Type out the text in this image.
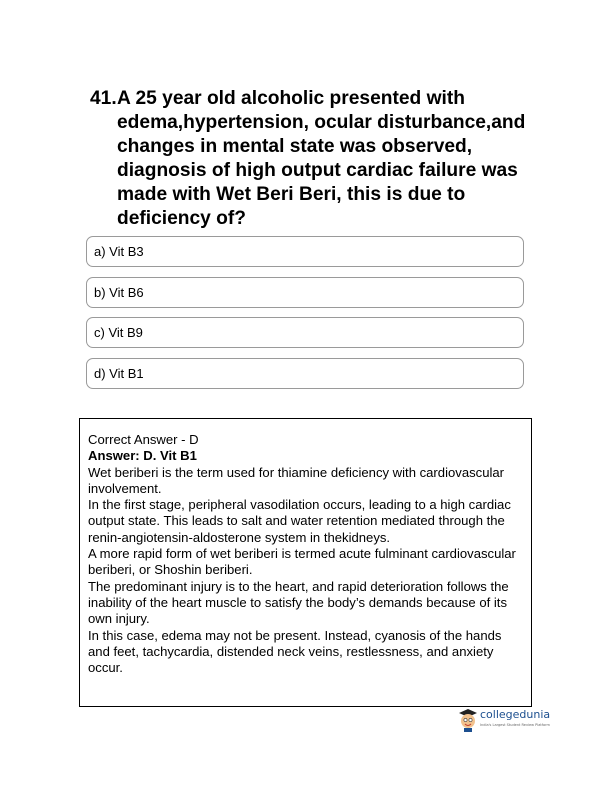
41. A 25 year old alcoholic presented with edema,hypertension, ocular disturbance,and changes in mental state was observed, diagnosis of high output cardiac failure was made with Wet Beri Beri, this is due to deficiency of?
a) Vit B3
b) Vit B6
c) Vit B9
d) Vit B1

Correct Answer - D

Answer: D. Vit B1

Wet beriberi is the term used for thiamine deficiency with cardiovascular involvement.

In the first stage, peripheral vasodilation occurs, leading to a high cardiac output state. This leads to salt and water retention mediated through the renin-angiotensin-aldosterone system in thekidneys.

A more rapid form of wet beriberi is termed acute fulminant cardiovascular beriberi, or Shoshin beriberi.

The predominant injury is to the heart, and rapid deterioration follows the inability of the heart muscle to satisfy the body’s demands because of its own injury.

In this case, edema may not be present. Instead, cyanosis of the hands and feet, tachycardia, distended neck veins, restlessness, and anxiety occur.

collegedunia
India's Largest Student Review Platform
